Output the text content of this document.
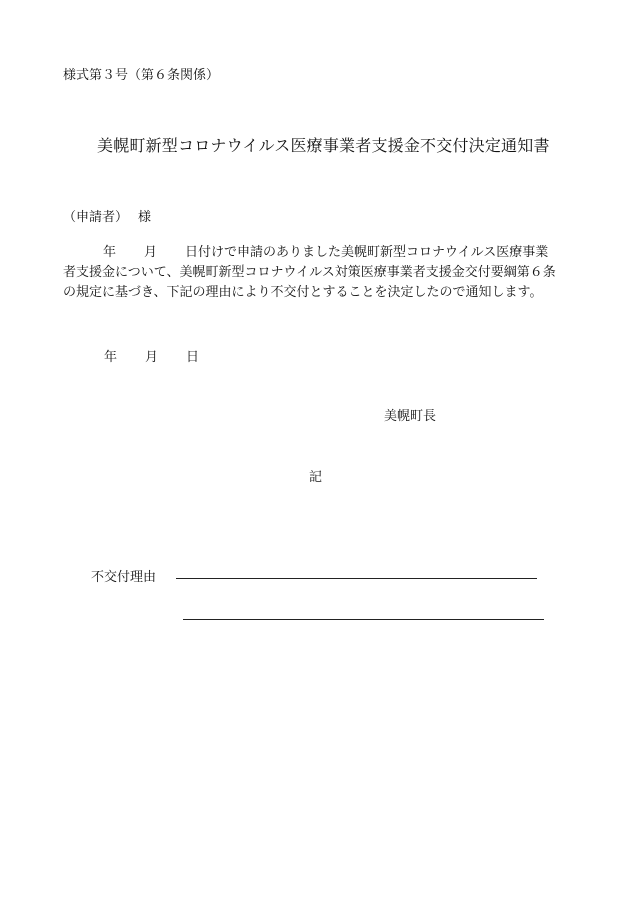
様式第３号（第６条関係）
美幌町新型コロナウイルス医療事業者支援金不交付決定通知書
（申請者） 様
年 月 日付けで申請のありました美幌町新型コロナウイルス医療事業
者支援金について、美幌町新型コロナウイルス対策医療事業者支援金交付要綱第６条
の規定に基づき、下記の理由により不交付とすることを決定したので通知します。
年 月 日
美幌町長
記
不交付理由
